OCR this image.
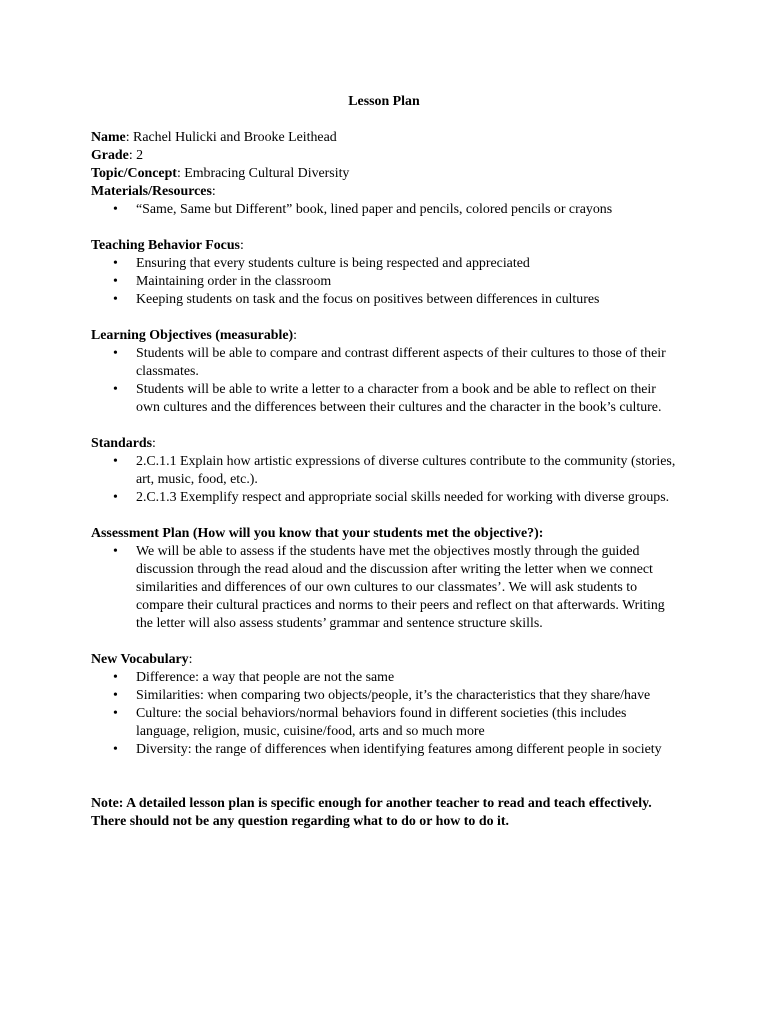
Lesson Plan

Name: Rachel Hulicki and Brooke Leithead

Grade: 2

Topic/Concept: Embracing Cultural Diversity

Materials/Resources:

• “Same, Same but Different” book, lined paper and pencils, colored pencils or crayons

Teaching Behavior Focus:

• Ensuring that every students culture is being respected and appreciated
• Maintaining order in the classroom
• Keeping students on task and the focus on positives between differences in cultures

Learning Objectives (measurable):

• Students will be able to compare and contrast different aspects of their cultures to those of their classmates.
• Students will be able to write a letter to a character from a book and be able to reflect on their own cultures and the differences between their cultures and the character in the book’s culture.

Standards:

• 2.C.1.1 Explain how artistic expressions of diverse cultures contribute to the community (stories, art, music, food, etc.).
• 2.C.1.3 Exemplify respect and appropriate social skills needed for working with diverse groups.

Assessment Plan (How will you know that your students met the objective?):

• We will be able to assess if the students have met the objectives mostly through the guided discussion through the read aloud and the discussion after writing the letter when we connect similarities and differences of our own cultures to our classmates’. We will ask students to compare their cultural practices and norms to their peers and reflect on that afterwards. Writing the letter will also assess students’ grammar and sentence structure skills.

New Vocabulary:

• Difference: a way that people are not the same
• Similarities: when comparing two objects/people, it’s the characteristics that they share/have
• Culture: the social behaviors/normal behaviors found in different societies (this includes language, religion, music, cuisine/food, arts and so much more
• Diversity: the range of differences when identifying features among different people in society

Note: A detailed lesson plan is specific enough for another teacher to read and teach effectively. There should not be any question regarding what to do or how to do it.
